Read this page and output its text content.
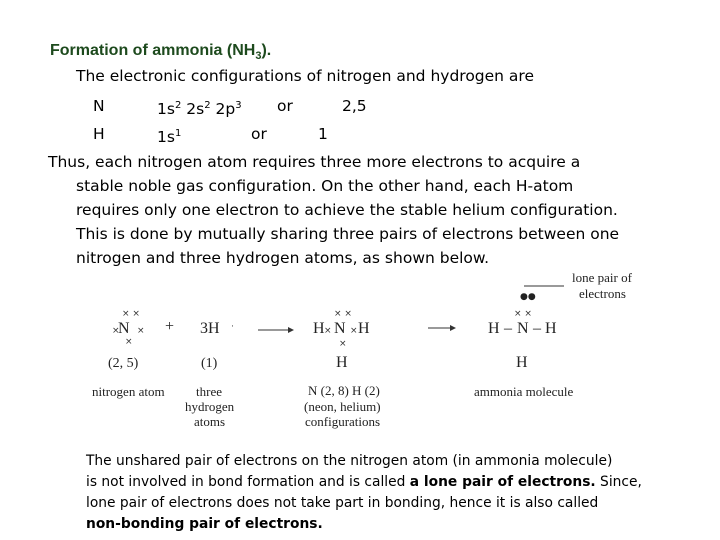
Formation of ammonia $(NH_3)$.
The electronic configurations of nitrogen and hydrogen are
N	$1s^2$ $2s^2$ $2p^3$ or	2,5
H	$1s^1$	or	1
Thus, each nitrogen atom requires three more electrons to acquire a
stable noble gas configuration. On the other hand, each H-atom
requires only one electron to achieve the stable helium configuration.
This is done by mutually sharing three pairs of electrons between one
nitrogen and three hydrogen atoms, as shown below.
lone pair of
electrons
●●
× ×
× ×
×
·
× ×
× ×
×
× ×
N + 3H	H N H
H
H – N – H
H
(2, 5)	(1)
nitrogen atom three
hydrogen
atoms
N (2, 8) H (2)
(neon, helium)
configurations
ammonia molecule
The unshared pair of electrons on the nitrogen atom (in ammonia molecule)
is not involved in bond formation and is called a lone pair of electrons. Since,
lone pair of electrons does not take part in bonding, hence it is also called
non-bonding pair of electrons.
